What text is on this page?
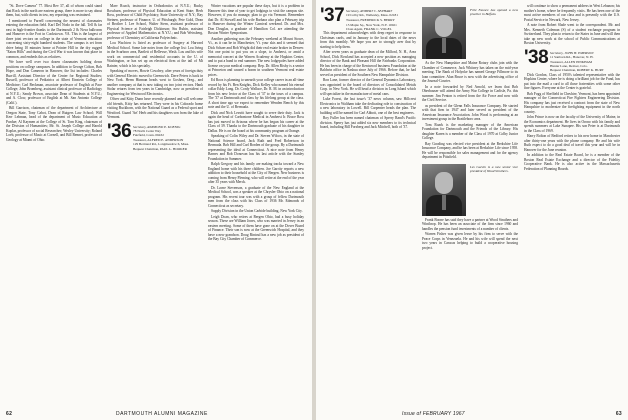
"St. Dove Camera" 77. Most Rev 37, all of whom could stand that Rock in the north are eastern group, there is more to say about them, but, with clients in tow, my reporting was restrained.

I mentioned to Farrell concerning the nearest of classmates entering the education field. Karl Del Nodo in the fall. Tell & far east in high-frontier thanks to the Dartmouth 2 & Nova ballroom and Hanover is the Fort in Cookstown. VA. This is the largest of three joint vectors on college in the state of Vermont education concerning sixty-eight hundred students. The campus is set from drive being 10 minutes home at Pointer Hill in the dry rugged "Eaton Hills" and during the Civil War it was known that place in common, and embeds this as relatives.

We have well over two dozen classmates holding down positions on college campuses. In addition to George Colton, Bob Hope, and Don Cameron in Hanover, the list includes: Charles Burrill, Assistant Director of the Center for Regional Studies; Russell, professor of Pediatrics at Albert Einstein College of Medicine; Carl Beckman, associate professor of English at Pace College; John Bromberg, assistant clinical professor of Radiology at N.Y.U.; Sandy Brown, associate Dean of Students at N.Y.U.; and A. Clow, professor of English at Mt. San Antonio College (Calif.).

Bill Garrison, chairman of the department of Architecture at Oregon State, Tony Cabot, Dean of Rutgers Law School; Will Kerr Lehman, head of the department of Music Education at Purdue; Al Kaymen at the College of St. Tom King, chairman of the Division of Humanities; Mr. St. Joseph College and Harold Koplar, professor of social Researcher; Wesley University; Roland Loeb, professor of Music at Cornell, and Bill Bennet, professor of Geology at Miami of Ohio.

Marv Roach, instructor in Orthodontics at N.Y.U.; Bucky Rossburn, professor of Physical Education at Kent State; Herb Ross, professor of Child Psychiatry, State University of N.Y.; Ray Steinen, professor of Finance, U. of Pittsburgh; Pete Gold, Dean of Brother I. Lee School, Walter Stern, assistant professor of Physical Science at Fairleigh Dickinson; Stu Rubin, assistant professor of Applied Mathematics at N.Y.U.; and Bob Weissberg, professor of Chemistry at California Polytechnic.

Lou Wachtow is listed as professor of Surgery at Harvard Medical School. Some late notes from the college list: Lou living in the Scarboro area, Bartlett of Bellevue, Wash. Lou and his wife work on commercial and residential accounts in the U. of Washington, or has set up an electrical firm at the tail of Mt Rainier, which is his specialty.

Speaking of moves, Howie Cowdrey, after years of foreign duty with General Electric moved to Greenwich. Dave Peters is back in New York. Herm Hinman heads west to Goshen, Oreg., and another company at that is now taking on two joint vectors. Hank Stolar retures from ten years in Cambridge, now as president of Engineering for Westwood Electronics.

Oliver and Kitty Dunn have recently planned and will welcome old friends, Kitty has returned. They were in his Colorado home visiting Buckhorn, with the National Guard as a Federal sport and Westford. Guard 'Art' Herb and his daughters son from the lake of Vermont.

'36 Secretary, RAYMOND E. KOENIG
78 North Cedar Way
Fairfield, Conn. 06432
Treasurer, ALFRED E. ANDERSON
129 Bertrand Rd., Longmeadow 6, Mass.
Bequest Chairman, PAUL L. HOOKER

Winter vacations are popular these days, but it is a problem in Hanover this time of year to get lodgings to visit the campus site. However, if you do manage, plan to go via Vermont. Remember that Dr. Al Stowell and his wife Barbara also plan a February trip to Hanover during the Winter Carnival weekend. Dr. and Mrs. Don Douglas, a graduate of Hamilton Col. are attending the Boston Winter Symposium.

Another gathering was the February weekend at Mount Stowe, Vt., as it can be in Manchester, Vt. your skis and it seemed that Dick Schaer and Bob Wright did their real estate broker in Denver. Not one point to put you on a slope, to Amherst, or amid a memorial concert at the Warren Academy at the Hopkins Center, and to put a band to end summer. The new lodgepoles have added license on your medical company. Rep. Dr. Allen Bixby is a senior at Princeton and caused a boom in southern Vermont real estate prices.

Ed Roos is planning to unearth your college career in an all-time record by his Ft. Ben Knights, Dick Kelley who named his eternal collar Eddy Long. Dr. Cordy Wallace, Dr. R. M. in an introduction from his new lector at the Class of '37 to the tours of a campus. The '37 at Dartmouth and class by his lifelong group at the class. A short time ago we expect to remember Wenden Bench by this note and the U. of Bermuda.

Dick and Nick Leavitt have sought to serve their duty. Jack is again the head of Carbontone Medical in Amherst Ir. Bruce Ross has just moved to Arizona where he has begun his career at the Class of 39. Thanks to the Dartmouth graduate of his daughter in Dallas. He is on the board at his community program at Orange.

Speaking of Colin Wiley and Dr. Steven Wilcox, in the state of National Science board, Jack Ruth and Fred Robertson in Bermuda. Bob Hill and Carl Borden of the group. By a Dartmouth representing the ideal at Connecticut. A nice note from Henry Barnes and Bob Donovan has his last article with the Stanley Foundation in Summer.

Ralph Gregory and his family are making tracks toward a New England home with his three children. Joe Garrity reports a new addition to their household at the City of Bergen. New business is coming from Henry Fleming, who will retire at the end of the year after 35 years with Merck.

Dr. Lorne Stevenson, a graduate of the New England at the Medical School, was a speaker at the Chrysler Ohio on a national program. His recent tour was with a group of fellow Dartmouth men from the class with his Class of 1936 Mr. Edmonds of Connecticut as secretary.

Supply Division in the Union Carbide building, New York City.

Leigh Doan, who retires at Bergen Ohio, had a busy holiday season. These are William Jones, who was married in Jersey in an eastern meeting. Some of them have gone on at the Dover Board of Finance. Their son is now at the Greenwich Hospital, and they have a new grandson. Doug Rintoul has a new job as president of the Bay City Chamber of Commerce.

62	DARTMOUTH ALUMNI MAGAZINE
'37 Secretary, ROBERT C. SEPHART
19 Colby Rd., Wellesley, Mass. 02181
Treasurer, FREDERICK S. BERRY
15 Maple Sq., New York, N.Y. 10021
Class Agent, FRANK C. VOGEL

This department acknowledges with deep regret in response to Christmas cards, and in January to the local dates of the news from this monthly. We hope you are to strongly aver that by starting to help them.

After seven years as graduate dean of the Milford, N. H., Area School, Dick Rowland has accepted a new position as managing director of the Bank and Pleasant Hill the Fairbanks Corporation. He has been in charge of the Kentwood business Foundation at the Baldwin office in Nashua since July of 1966. Before that, he had served as president of the Southern New Hampshire Division.

Ron Lane, former director of the General Dynamics Laboratory, was appointed to the board of directors of Consolidated Metals Corp. in New York. He will head a division in Long Island which will specialize in the manufacture of metal cans.

Luke Forest, the last issue's '37 news column, saw Hillcrest Electronics in Waltham take the dedicating role to construction of a new laboratory in Lowell. Bill Carpenter heads the plan. The building will be named for Carl Abbott, one of the best engineers.

Roy Fuller has been named chairman of Sperry Rand's Pacific division. Sperry has just added six new members to its technical board, including Bill Forsberg and Jack Mitchell, both of '37.

Fritz Faunce has opened a new practice in Buffalo.

As the New Hampshire and Maine Rotary clubs join with the Chamber of Commerce, Jack Whitney has taken on the mid-year meeting. The Bank of Holyoke has named George Fillmore to its loan committee. Alan Bruce is now with the advertising office of the Journal-Courier.

In a note forwarded by Ned Arnold, we learn that Bob Oberhauser will attend the Army War College in Carlisle, Pa. this summer. Jim Fenton is retired from the Air Force and now with the Civil Service.

as president of the Glenn Falls Insurance Company. He started with that firm in 1947 and later served as president of the American Insurance Association. John Wood is performing at an investment group in the Brattleboro area.

Tom Roark is the marketing manager of the American Foundation for Dartmouth and the Friends of the Library. His daughter Karen is a member of the Class of 1970 at Colby Junior College.

Ray Gooding was elected vice president at the Berkshire Life Insurance Company, and he has been at Berkshire Life since 1958. He will be responsible for sales management and for the agency department in Pittsfield.

Les Garvin is a new senior vice president of Wood Struthers.

Frank Boone has said they have a partner at Wood Struthers and Winthrop. He has been an associate of the firm since 1960 and handles the pension fund investments of a number of clients.

Warren Fisher was given leave by his firm to serve with the Peace Corps in Venezuela. He and his wife will spend the next two years in Caracas helping to build a cooperative housing project.

will continue to show a permanent address in West Lebanon; his mother's home, where he frequently visits. He has been one of the most active members of our class and is presently with the U.S. Postal Service in Newark, New Jersey.

A note from Robert Slade went to the correspondent. Mr. and Mrs. Kenneth Coleman (S) of a student exchange program in Switzerland. They plan to return to the States in June and will then take up new work at the school of Public Communications at Boston University.

'38 Secretary, JOHN H. EMERSON
11 Sanborn Rd., Hanover, N. H.
Treasurer, ALLEN PINKHAM
Hunter Lane, Denver, Colo.
Bequest Chairman, ROBERT K. BURT

Dick Gordon, Class of 1950's talented representative with the Hopkins Center, where he is doing a brilliant job for the Fund, has put into the mail a card to all those fraternities with some other fine figures. Everyone at the Center is grateful.

Bob Fogg of Sheffield in Cheshire, Vermont, has been appointed manager of the Connecticut Fire Fighters Engineering Division. His company has just received a contract from the state of New Hampshire to modernize the firefighting equipment in the north country.

John Prince is now on the faculty of the University of Maine, in the Economics department. He lives in Orono with his family and spends summers at Lake Sunapee. His son Peter is at Dartmouth in the Class of 1969.

Harry Bolton of Bedford retires to his new home in Manchester after thirty-one years with the phone company. He and his wife Ruth expect to do a good deal of travel this year and will be in Hanover for the June reunion.

In addition to the Real Estate Board, he is a member of the Boston Real Estate Exchange and a director of the Fidelity Cooperative Bank. He is also active in the Massachusetts Federation of Planning Boards.

Issue of FEBRUARY 1967	63
